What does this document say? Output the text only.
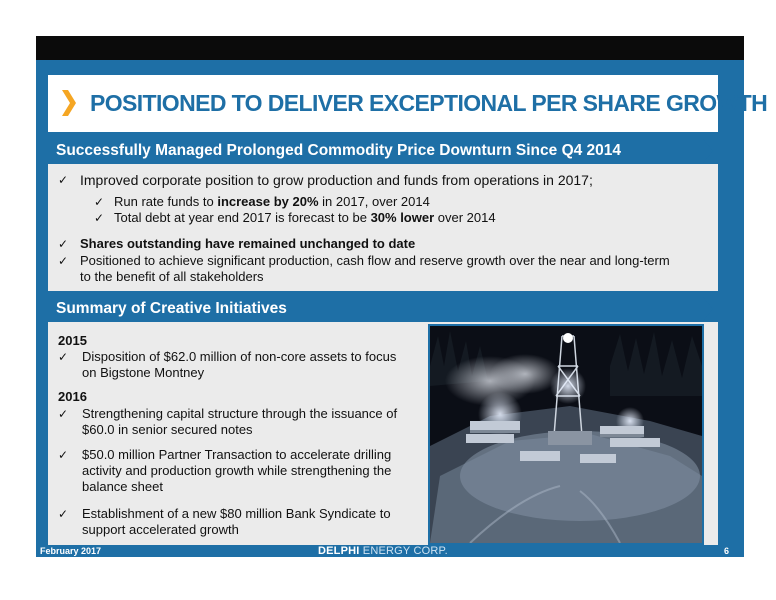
POSITIONED TO DELIVER EXCEPTIONAL PER SHARE GROWTH
Successfully Managed Prolonged Commodity Price Downturn Since Q4 2014
✓ Improved corporate position to grow production and funds from operations in 2017;
✓ Run rate funds to increase by 20% in 2017, over 2014
✓ Total debt at year end 2017 is forecast to be 30% lower over 2014
✓ Shares outstanding have remained unchanged to date
✓ Positioned to achieve significant production, cash flow and reserve growth over the near and long-term
to the benefit of all stakeholders
Summary of Creative Initiatives
2015
✓	Disposition of $62.0 million of non-core assets to focus
on Bigstone Montney
2016
✓	Strengthening capital structure through the issuance of
$60.0 in senior secured notes
✓	$50.0 million Partner Transaction to accelerate drilling
activity and production growth while strengthening the
balance sheet
✓	Establishment of a new $80 million Bank Syndicate to
support accelerated growth
February 2017	DELPHI ENERGY CORP.	6
